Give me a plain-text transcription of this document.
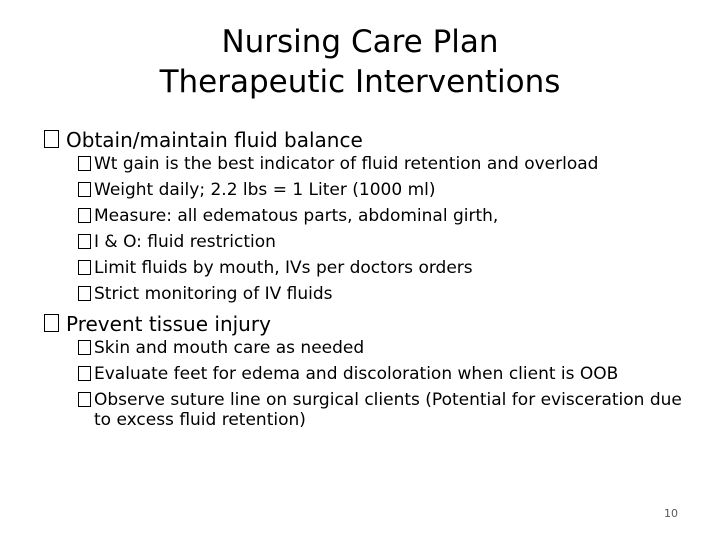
Nursing Care Plan
Therapeutic Interventions
Obtain/maintain fluid balance
Wt gain is the best indicator of fluid retention and overload
Weight daily; 2.2 lbs = 1 Liter (1000 ml)
Measure: all edematous parts, abdominal girth,
I & O: fluid restriction
Limit fluids by mouth, IVs per doctors orders
Strict monitoring of IV fluids
Prevent tissue injury
Skin and mouth care as needed
Evaluate feet for edema and discoloration when client is OOB
Observe suture line on surgical clients (Potential for evisceration due to excess fluid retention)
10
